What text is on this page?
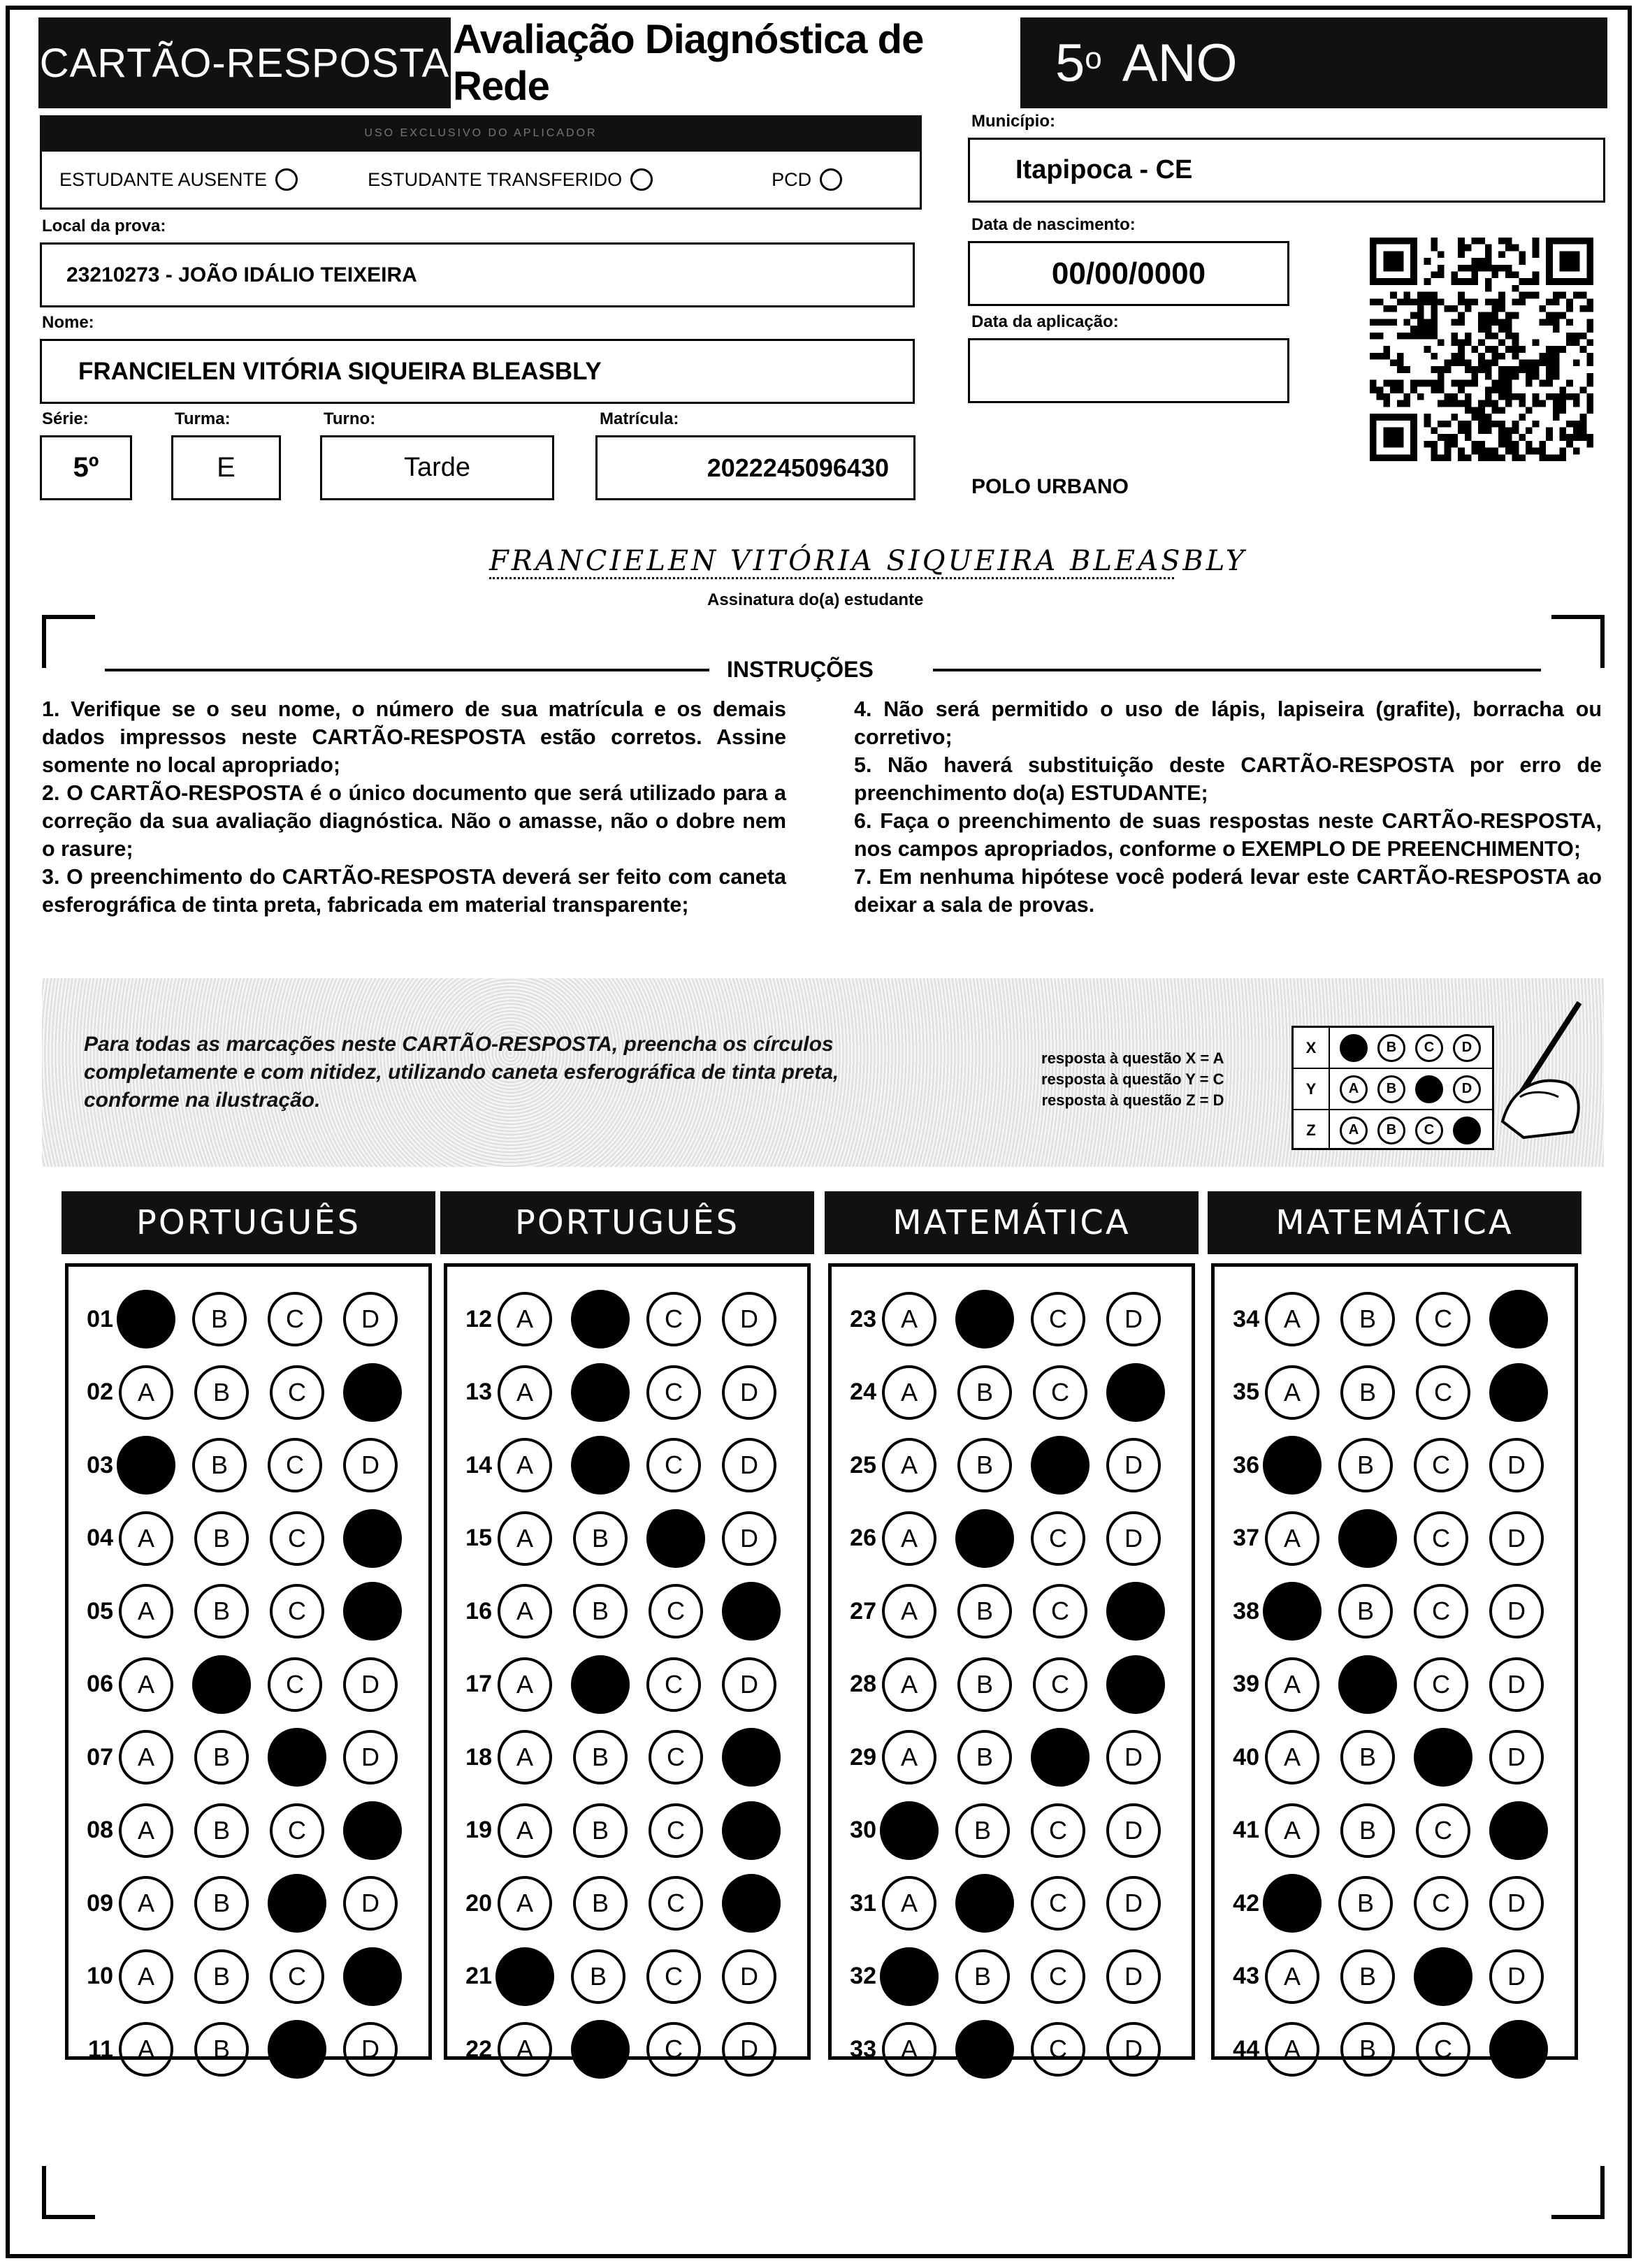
CARTÃO-RESPOSTA
Avaliação Diagnóstica de Rede	5$^o$
ANO
USO EXCLUSIVO DO APLICADOR
ESTUDANTE AUSENTE	ESTUDANTE TRANSFERIDO	PCD
Município:
Itapipoca - CE
Data de nascimento:
00/00/0000
Data da aplicação:
Local da prova:
23210273 - JOÃO IDÁLIO TEIXEIRA
Nome:
FRANCIELEN VITÓRIA SIQUEIRA BLEASBLY
Série:
5º
Turma:
E
Turno:
Tarde
Matrícula:
2022245096430
POLO URBANO
FRANCIELEN VITÓRIA SIQUEIRA BLEASBLY
Assinatura do(a) estudante
INSTRUÇÕES
1. Verifique se o seu nome, o número de sua matrícula e os demais dados impressos neste CARTÃO-RESPOSTA estão corretos. Assine somente no local apropriado;
2. O CARTÃO-RESPOSTA é o único documento que será utilizado para a correção da sua avaliação diagnóstica. Não o amasse, não o dobre nem o rasure;
3. O preenchimento do CARTÃO-RESPOSTA deverá ser feito com caneta esferográfica de tinta preta, fabricada em material transparente;
4. Não será permitido o uso de lápis, lapiseira (grafite), borracha ou corretivo;
5. Não haverá substituição deste CARTÃO-RESPOSTA por erro de preenchimento do(a) ESTUDANTE;
6. Faça o preenchimento de suas respostas neste CARTÃO-RESPOSTA, nos campos apropriados, conforme o EXEMPLO DE PREENCHIMENTO;
7. Em nenhuma hipótese você poderá levar este CARTÃO-RESPOSTA ao deixar a sala de provas.
Para todas as marcações neste CARTÃO-RESPOSTA, preencha os círculos completamente e com nitidez, utilizando caneta esferográfica de tinta preta, conforme na ilustração.
resposta à questão X = A
resposta à questão Y = C
resposta à questão Z = D
X	A	B	C	D
Y	A	B	C	D
Z	A	B	C	D
PORTUGUÊS
01 A	B	C	D
02 A	B	C	D
03 A	B	C	D
04 A	B	C	D
05 A	B	C	D
06 A	B	C	D
07 A	B	C	D
08 A	B	C	D
09 A	B	C	D
10 A	B	C	D
11 A	B	C	D
PORTUGUÊS
12 A	B	C	D
13 A	B	C	D
14 A	B	C	D
15 A	B	C	D
16 A	B	C	D
17 A	B	C	D
18 A	B	C	D
19 A	B	C	D
20 A	B	C	D
21 A	B	C	D
22 A	B	C	D
MATEMÁTICA
23 A	B	C	D
24 A	B	C	D
25 A	B	C	D
26 A	B	C	D
27 A	B	C	D
28 A	B	C	D
29 A	B	C	D
30 A	B	C	D
31 A	B	C	D
32 A	B	C	D
33 A	B	C	D
MATEMÁTICA
34 A	B	C	D
35 A	B	C	D
36 A	B	C	D
37 A	B	C	D
38 A	B	C	D
39 A	B	C	D
40 A	B	C	D
41 A	B	C	D
42 A	B	C	D
43 A	B	C	D
44 A	B	C	D
